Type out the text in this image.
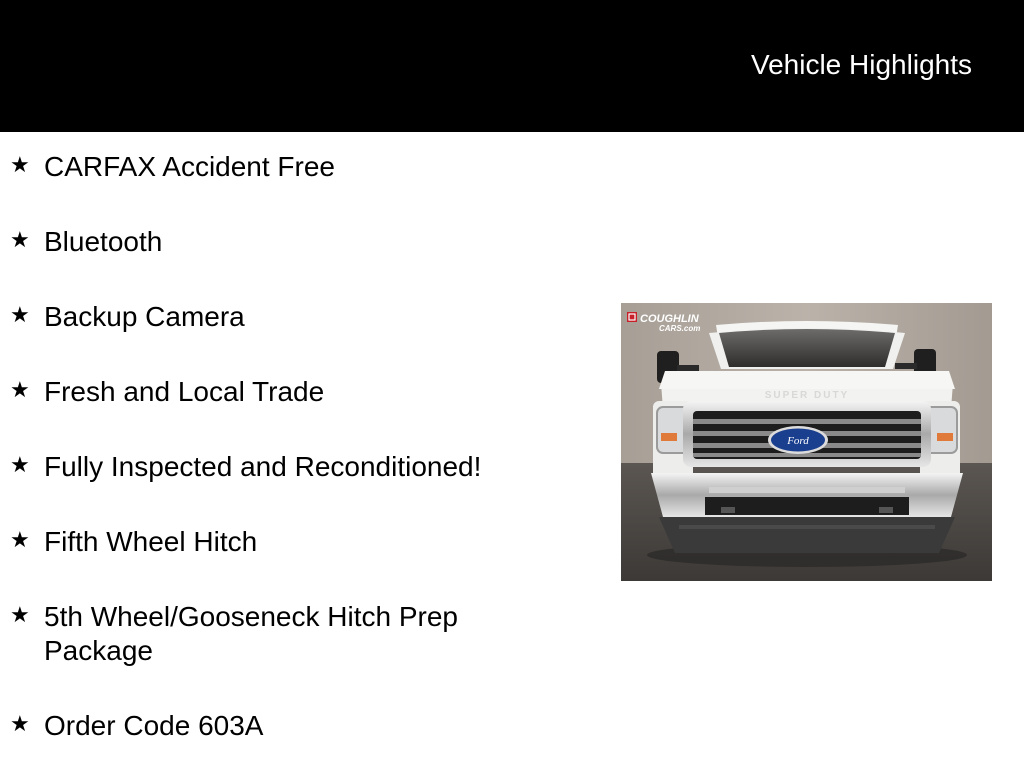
Vehicle Highlights
★ CARFAX Accident Free
★ Bluetooth
★ Backup Camera
★ Fresh and Local Trade
★ Fully Inspected and Reconditioned!
★ Fifth Wheel Hitch
★ 5th Wheel/Gooseneck Hitch Prep Package
★ Order Code 603A
Ford
SUPER DUTY
COUGHLIN
CARS.com
